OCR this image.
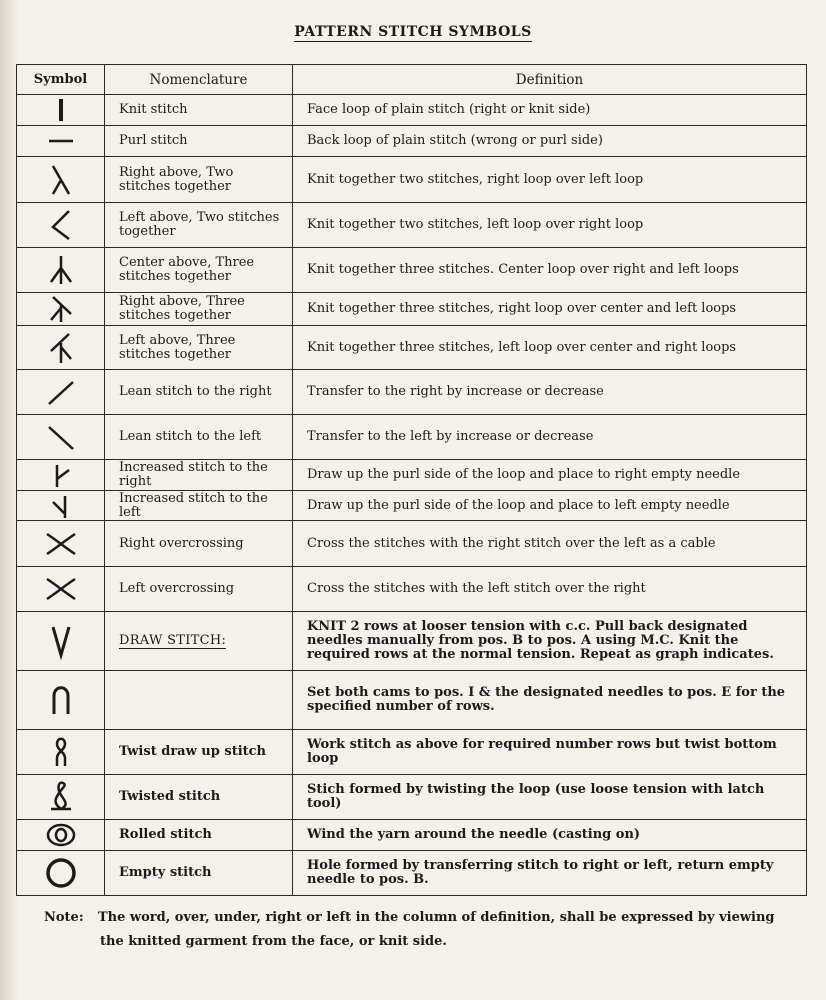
PATTERN STITCH SYMBOLS
Symbol	Nomenclature	Definition

	Knit stitch	Face loop of plain stitch (right or knit side)

	Purl stitch	Back loop of plain stitch (wrong or purl side)

	Right above, Two stitches together	Knit together two stitches, right loop over left loop

	Left above, Two stitches together	Knit together two stitches, left loop over right loop

	Center above, Three stitches together	Knit together three stitches. Center loop over right and left loops

	Right above, Three stitches together	Knit together three stitches, right loop over center and left loops

	Left above, Three stitches together	Knit together three stitches, left loop over center and right loops

	Lean stitch to the right	Transfer to the right by increase or decrease

	Lean stitch to the left	Transfer to the left by increase or decrease

	Increased stitch to the right	Draw up the purl side of the loop and place to right empty needle

	Increased stitch to the left	Draw up the purl side of the loop and place to left empty needle

	Right overcrossing	Cross the stitches with the right stitch over the left as a cable

	Left overcrossing	Cross the stitches with the left stitch over the right

	DRAW STITCH:	KNIT 2 rows at looser tension with c.c. Pull back designated needles manually from pos. B to pos. A using M.C. Knit the required rows at the normal tension. Repeat as graph indicates.

		Set both cams to pos. I & the designated needles to pos. E for the specified number of rows.

	Twist draw up stitch	Work stitch as above for required number rows but twist bottom loop

	Twisted stitch	Stich formed by twisting the loop (use loose tension with latch tool)

	Rolled stitch	Wind the yarn around the needle (casting on)

	Empty stitch	Hole formed by transferring stitch to right or left, return empty needle to pos. B.
Note: The word, over, under, right or left in the column of definition, shall be expressed by viewing
the knitted garment from the face, or knit side.
